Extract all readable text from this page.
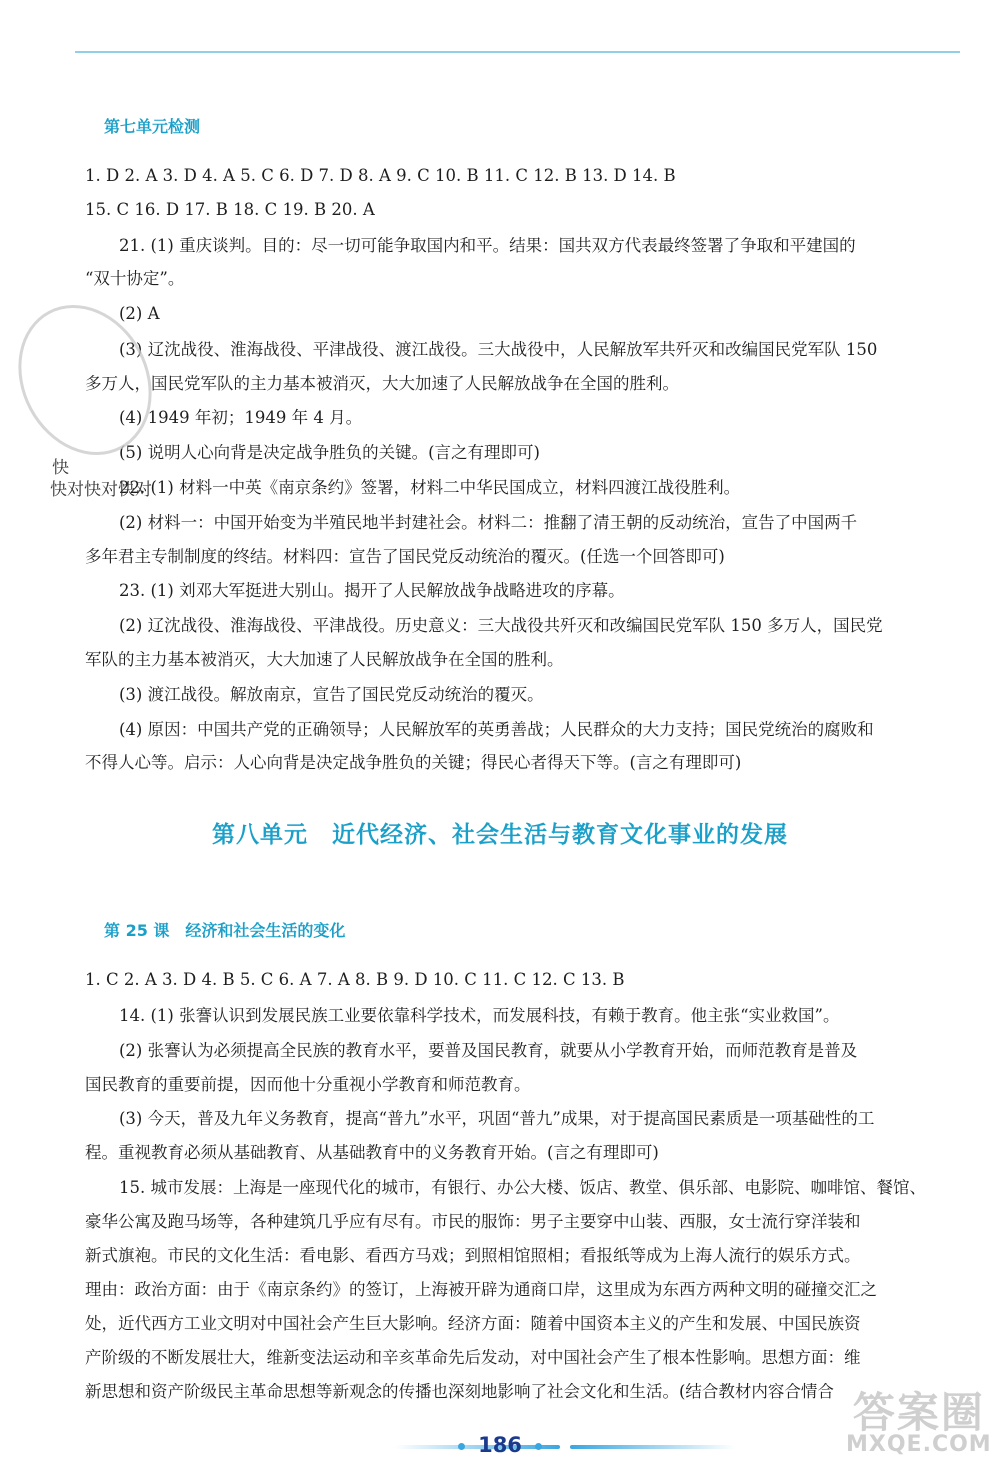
第七单元检测
1. D 2. A 3. D 4. A 5. C 6. D 7. D 8. A 9. C 10. B 11. C 12. B 13. D 14. B
15. C 16. D 17. B 18. C 19. B 20. A
21. (1) 重庆谈判。目的：尽一切可能争取国内和平。结果：国共双方代表最终签署了争取和平建国的
“双十协定”。
(2) A
(3) 辽沈战役、淮海战役、平津战役、渡江战役。三大战役中，人民解放军共歼灭和改编国民党军队 150
多万人，国民党军队的主力基本被消灭，大大加速了人民解放战争在全国的胜利。
(4) 1949 年初；1949 年 4 月。
(5) 说明人心向背是决定战争胜负的关键。(言之有理即可)
22. (1) 材料一中英《南京条约》签署，材料二中华民国成立，材料四渡江战役胜利。
(2) 材料一：中国开始变为半殖民地半封建社会。材料二：推翻了清王朝的反动统治，宣告了中国两千
多年君主专制制度的终结。材料四：宣告了国民党反动统治的覆灭。(任选一个回答即可)
23. (1) 刘邓大军挺进大别山。揭开了人民解放战争战略进攻的序幕。
(2) 辽沈战役、淮海战役、平津战役。历史意义：三大战役共歼灭和改编国民党军队 150 多万人，国民党
军队的主力基本被消灭，大大加速了人民解放战争在全国的胜利。
(3) 渡江战役。解放南京，宣告了国民党反动统治的覆灭。
(4) 原因：中国共产党的正确领导；人民解放军的英勇善战；人民群众的大力支持；国民党统治的腐败和
不得人心等。启示：人心向背是决定战争胜负的关键；得民心者得天下等。(言之有理即可)
快
快对快对快对
第八单元　近代经济、社会生活与教育文化事业的发展
第 25 课　经济和社会生活的变化
1. C 2. A 3. D 4. B 5. C 6. A 7. A 8. B 9. D 10. C 11. C 12. C 13. B
14. (1) 张謇认识到发展民族工业要依靠科学技术，而发展科技，有赖于教育。他主张“实业救国”。
(2) 张謇认为必须提高全民族的教育水平，要普及国民教育，就要从小学教育开始，而师范教育是普及
国民教育的重要前提，因而他十分重视小学教育和师范教育。
(3) 今天，普及九年义务教育，提高“普九”水平，巩固“普九”成果，对于提高国民素质是一项基础性的工
程。重视教育必须从基础教育、从基础教育中的义务教育开始。(言之有理即可)
15. 城市发展：上海是一座现代化的城市，有银行、办公大楼、饭店、教堂、俱乐部、电影院、咖啡馆、餐馆、
豪华公寓及跑马场等，各种建筑几乎应有尽有。市民的服饰：男子主要穿中山装、西服，女士流行穿洋装和
新式旗袍。市民的文化生活：看电影、看西方马戏；到照相馆照相；看报纸等成为上海人流行的娱乐方式。
理由：政治方面：由于《南京条约》的签订，上海被开辟为通商口岸，这里成为东西方两种文明的碰撞交汇之
处，近代西方工业文明对中国社会产生巨大影响。经济方面：随着中国资本主义的产生和发展、中国民族资
产阶级的不断发展壮大，维新变法运动和辛亥革命先后发动，对中国社会产生了根本性影响。思想方面：维
新思想和资产阶级民主革命思想等新观念的传播也深刻地影响了社会文化和生活。(结合教材内容合情合
186
答案圈
MXQE.COM
